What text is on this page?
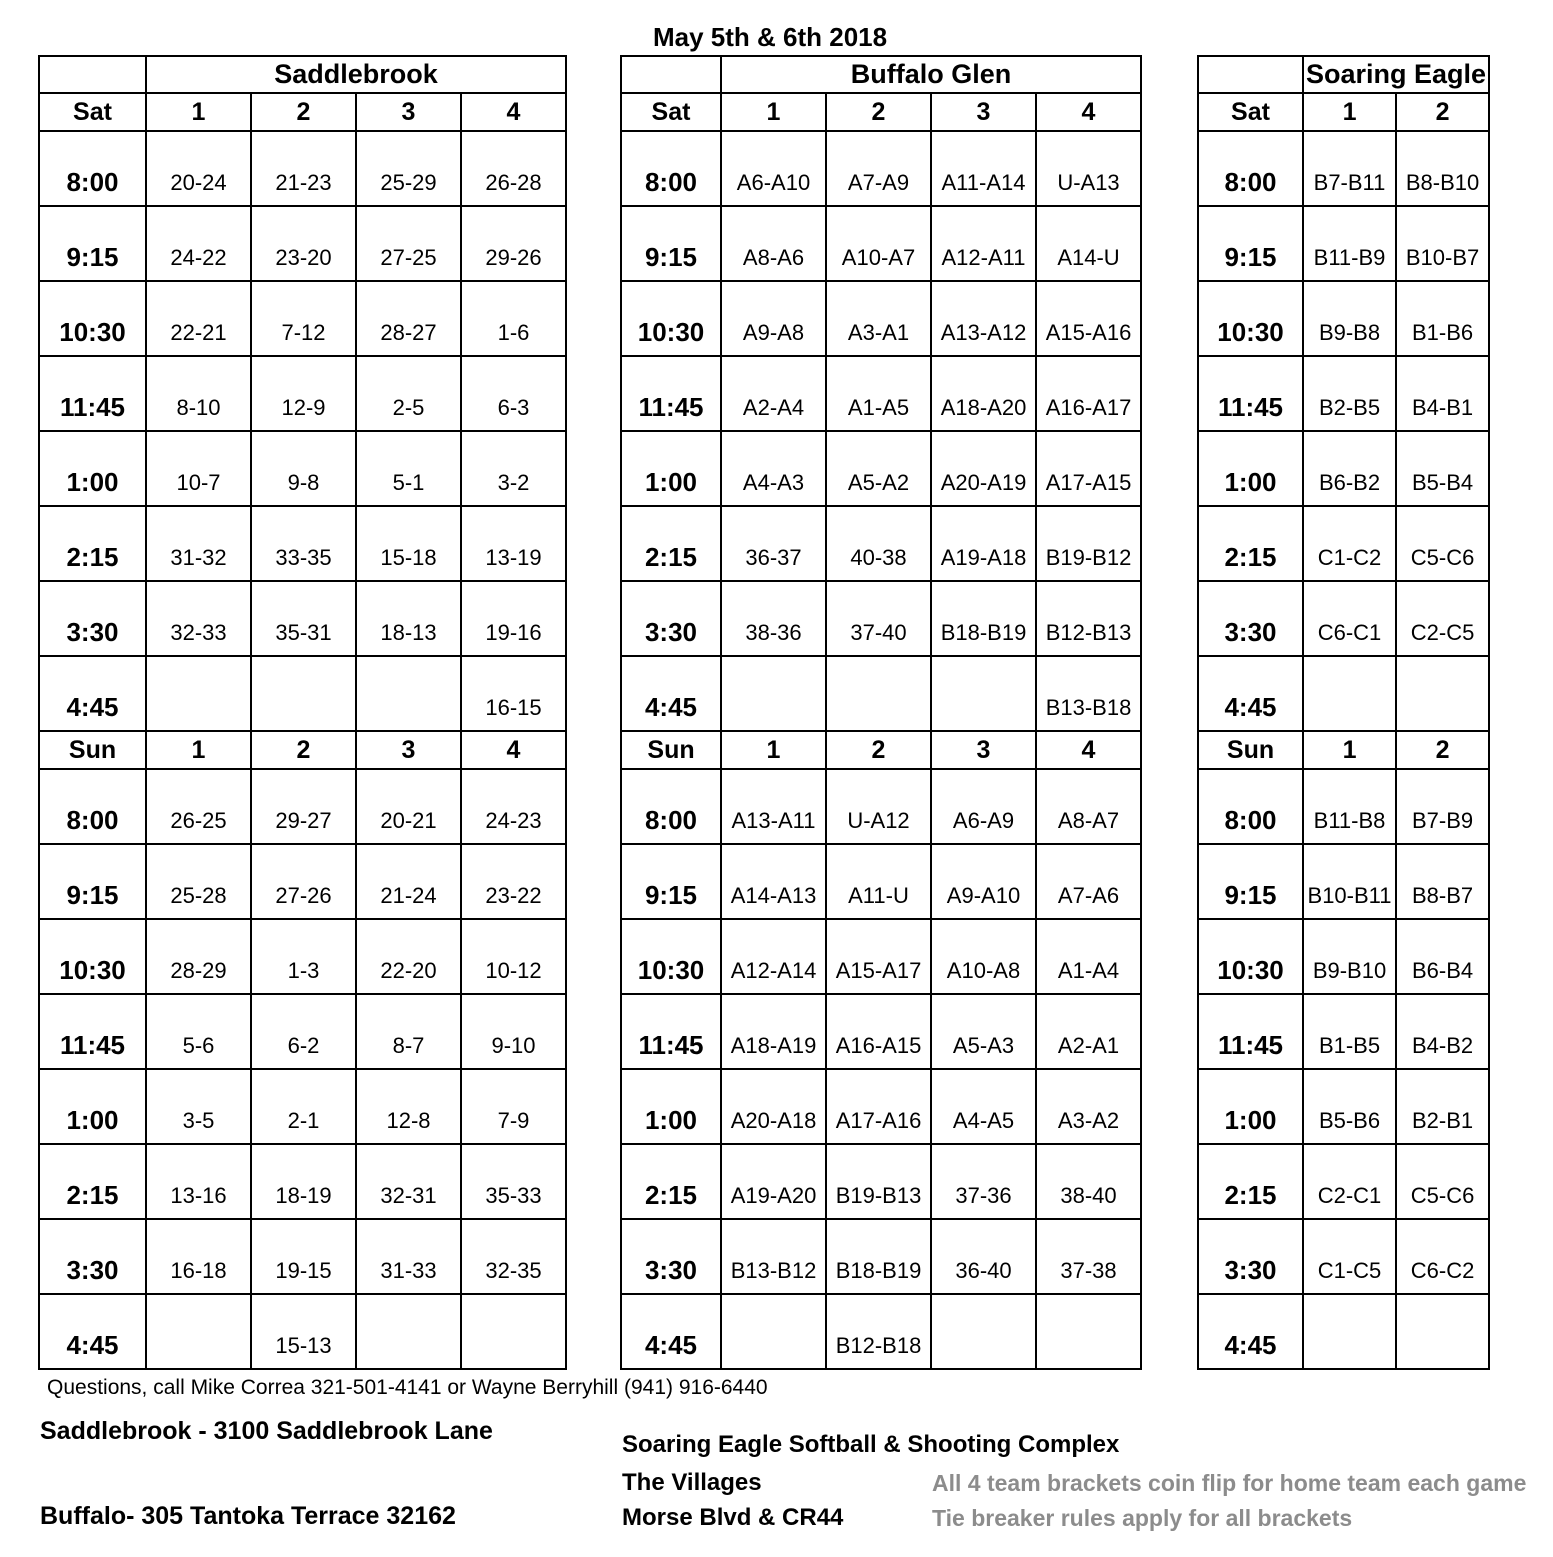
May 5th & 6th 2018
	Saddlebrook			
Sat	1	2	3	4
8:00	20-24	21-23	25-29	26-28
9:15	24-22	23-20	27-25	29-26
10:30	22-21	7-12	28-27	1-6
11:45	8-10	12-9	2-5	6-3
1:00	10-7	9-8	5-1	3-2
2:15	31-32	33-35	15-18	13-19
3:30	32-33	35-31	18-13	19-16
4:45				16-15
Sun	1	2	3	4
8:00	26-25	29-27	20-21	24-23
9:15	25-28	27-26	21-24	23-22
10:30	28-29	1-3	22-20	10-12
11:45	5-6	6-2	8-7	9-10
1:00	3-5	2-1	12-8	7-9
2:15	13-16	18-19	32-31	35-33
3:30	16-18	19-15	31-33	32-35
4:45		15-13		
	Buffalo Glen			
Sat	1	2	3	4
8:00	A6-A10	A7-A9	A11-A14	U-A13
9:15	A8-A6	A10-A7	A12-A11	A14-U
10:30	A9-A8	A3-A1	A13-A12	A15-A16
11:45	A2-A4	A1-A5	A18-A20	A16-A17
1:00	A4-A3	A5-A2	A20-A19	A17-A15
2:15	36-37	40-38	A19-A18	B19-B12
3:30	38-36	37-40	B18-B19	B12-B13
4:45				B13-B18
Sun	1	2	3	4
8:00	A13-A11	U-A12	A6-A9	A8-A7
9:15	A14-A13	A11-U	A9-A10	A7-A6
10:30	A12-A14	A15-A17	A10-A8	A1-A4
11:45	A18-A19	A16-A15	A5-A3	A2-A1
1:00	A20-A18	A17-A16	A4-A5	A3-A2
2:15	A19-A20	B19-B13	37-36	38-40
3:30	B13-B12	B18-B19	36-40	37-38
4:45		B12-B18		
	Soaring Eagle	
Sat	1	2
8:00	B7-B11	B8-B10
9:15	B11-B9	B10-B7
10:30	B9-B8	B1-B6
11:45	B2-B5	B4-B1
1:00	B6-B2	B5-B4
2:15	C1-C2	C5-C6
3:30	C6-C1	C2-C5
4:45		
Sun	1	2
8:00	B11-B8	B7-B9
9:15	B10-B11	B8-B7
10:30	B9-B10	B6-B4
11:45	B1-B5	B4-B2
1:00	B5-B6	B2-B1
2:15	C2-C1	C5-C6
3:30	C1-C5	C6-C2
4:45		
Questions, call Mike Correa 321-501-4141 or Wayne Berryhill (941) 916-6440
Saddlebrook - 3100 Saddlebrook Lane
Buffalo- 305 Tantoka Terrace 32162
Soaring Eagle Softball & Shooting Complex
The Villages
Morse Blvd & CR44
All 4 team brackets coin flip for home team each game
Tie breaker rules apply for all brackets
